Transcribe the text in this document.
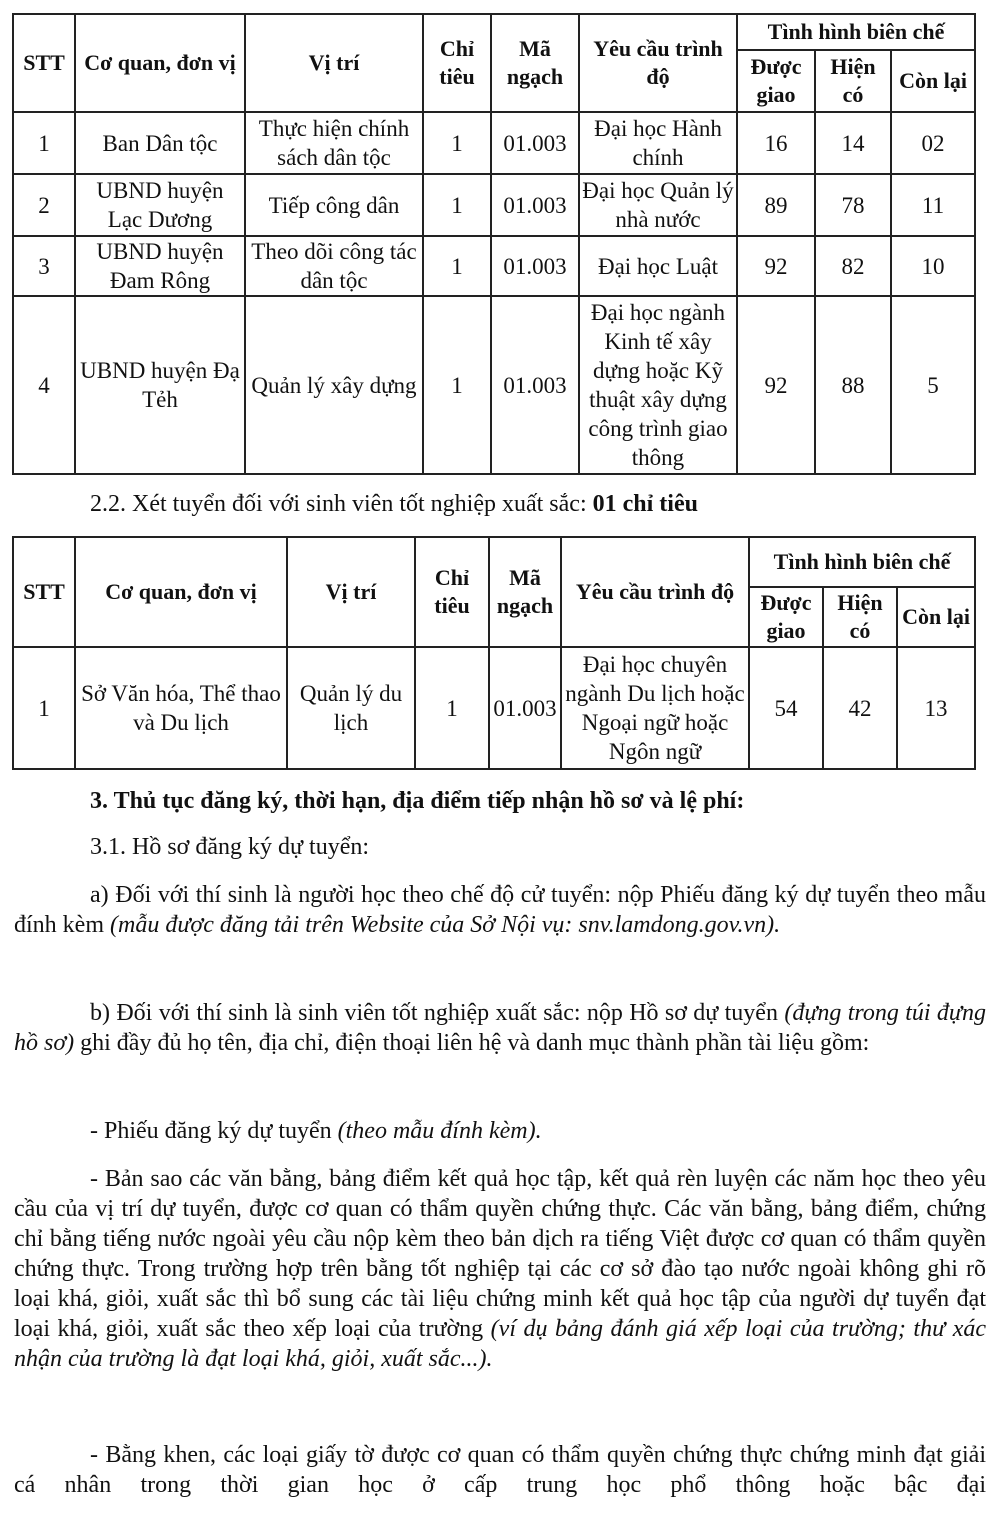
STT	Cơ quan, đơn vị	Vị trí	Chỉ tiêu	Mã ngạch	Yêu cầu trình độ	Tình hình biên chế		
						Được giao	Hiện có	Còn lại
1	Ban Dân tộc	Thực hiện chính sách dân tộc	1	01.003	Đại học Hành chính	16	14	02
2	UBND huyện Lạc Dương	Tiếp công dân	1	01.003	Đại học Quản lý nhà nước	89	78	11
3	UBND huyện Đam Rông	Theo dõi công tác dân tộc	1	01.003	Đại học Luật	92	82	10
4	UBND huyện Đạ Tẻh	Quản lý xây dựng	1	01.003	Đại học ngành Kinh tế xây dựng hoặc Kỹ thuật xây dựng công trình giao thông	92	88	5

2.2. Xét tuyển đối với sinh viên tốt nghiệp xuất sắc: 01 chỉ tiêu

STT	Cơ quan, đơn vị	Vị trí	Chỉ tiêu	Mã ngạch	Yêu cầu trình độ	Tình hình biên chế		
						Được giao	Hiện có	Còn lại
1	Sở Văn hóa, Thể thao và Du lịch	Quản lý du lịch	1	01.003	Đại học chuyên ngành Du lịch hoặc Ngoại ngữ hoặc Ngôn ngữ	54	42	13

3. Thủ tục đăng ký, thời hạn, địa điểm tiếp nhận hồ sơ và lệ phí:

3.1. Hồ sơ đăng ký dự tuyển:

a) Đối với thí sinh là người học theo chế độ cử tuyển: nộp Phiếu đăng ký dự tuyển theo mẫu đính kèm (mẫu được đăng tải trên Website của Sở Nội vụ: snv.lamdong.gov.vn).

b) Đối với thí sinh là sinh viên tốt nghiệp xuất sắc: nộp Hồ sơ dự tuyển (đựng trong túi đựng hồ sơ) ghi đầy đủ họ tên, địa chỉ, điện thoại liên hệ và danh mục thành phần tài liệu gồm:

- Phiếu đăng ký dự tuyển (theo mẫu đính kèm).

- Bản sao các văn bằng, bảng điểm kết quả học tập, kết quả rèn luyện các năm học theo yêu cầu của vị trí dự tuyển, được cơ quan có thẩm quyền chứng thực. Các văn bằng, bảng điểm, chứng chỉ bằng tiếng nước ngoài yêu cầu nộp kèm theo bản dịch ra tiếng Việt được cơ quan có thẩm quyền chứng thực. Trong trường hợp trên bằng tốt nghiệp tại các cơ sở đào tạo nước ngoài không ghi rõ loại khá, giỏi, xuất sắc thì bổ sung các tài liệu chứng minh kết quả học tập của người dự tuyển đạt loại khá, giỏi, xuất sắc theo xếp loại của trường (ví dụ bảng đánh giá xếp loại của trường; thư xác nhận của trường là đạt loại khá, giỏi, xuất sắc...).

- Bằng khen, các loại giấy tờ được cơ quan có thẩm quyền chứng thực chứng minh đạt giải cá nhân trong thời gian học ở cấp trung học phổ thông hoặc bậc đại
